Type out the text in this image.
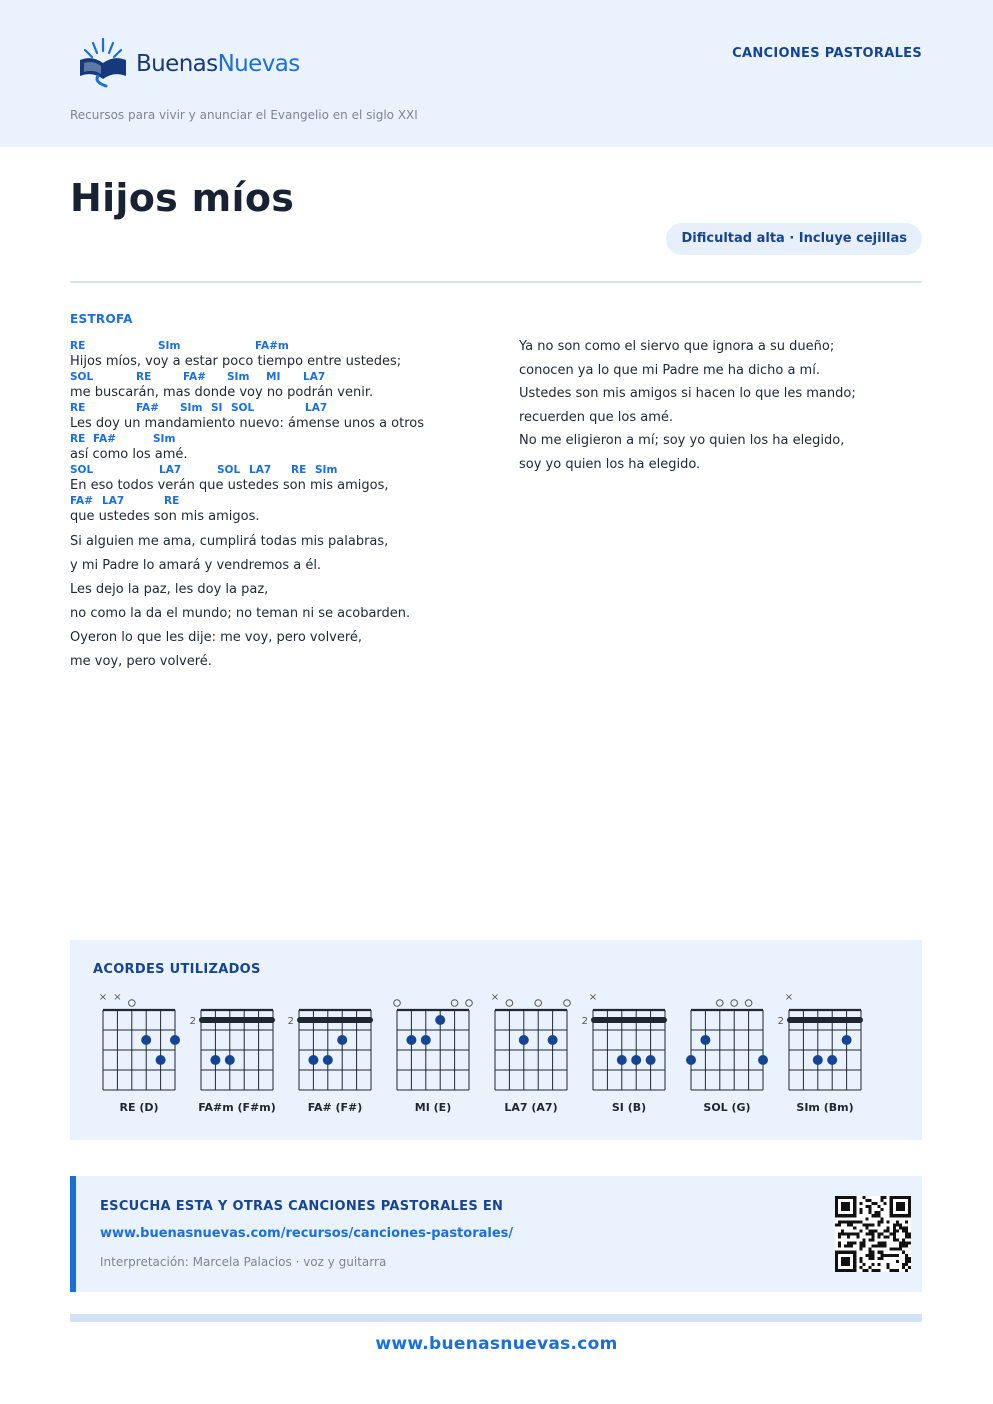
BuenasNuevas
Recursos para vivir y anunciar el Evangelio en el siglo XXI
CANCIONES PASTORALES
Hijos míos
Dificultad alta · Incluye cejillas
ESTROFA

RE

	SIm

	FA#m

Hijos míos, voy a estar poco tiempo entre ustedes;

SOL

	RE

	FA#

SIm

MI

LA7

me buscarán, mas donde voy no podrán venir.

RE

	FA#

SIm

SI

SOL

	LA7

Les doy un mandamiento nuevo: ámense unos a otros

RE

FA#

	SIm

así como los amé.

SOL

	LA7

	SOL

LA7

RE

SIm

En eso todos verán que ustedes son mis amigos,

FA#

LA7

	RE

que ustedes son mis amigos.
Si alguien me ama, cumplirá todas mis palabras,
y mi Padre lo amará y vendremos a él.
Les dejo la paz, les doy la paz,
no como la da el mundo; no teman ni se acobarden.
Oyeron lo que les dije: me voy, pero volveré,
me voy, pero volveré.
Ya no son como el siervo que ignora a su dueño;
conocen ya lo que mi Padre me ha dicho a mí.
Ustedes son mis amigos si hacen lo que les mando;
recuerden que los amé.
No me eligieron a mí; soy yo quien los ha elegido,
soy yo quien los ha elegido.
ACORDES UTILIZADOS
× ×
RE (D)
2
FA#m (F#m)
2
FA# (F#)	MI (E)
×
LA7 (A7)
×
2
SI (B)	SOL (G)
×
2
SIm (Bm)
ESCUCHA ESTA Y OTRAS CANCIONES PASTORALES EN
www.buenasnuevas.com/recursos/canciones-pastorales/
Interpretación: Marcela Palacios · voz y guitarra
www.buenasnuevas.com
